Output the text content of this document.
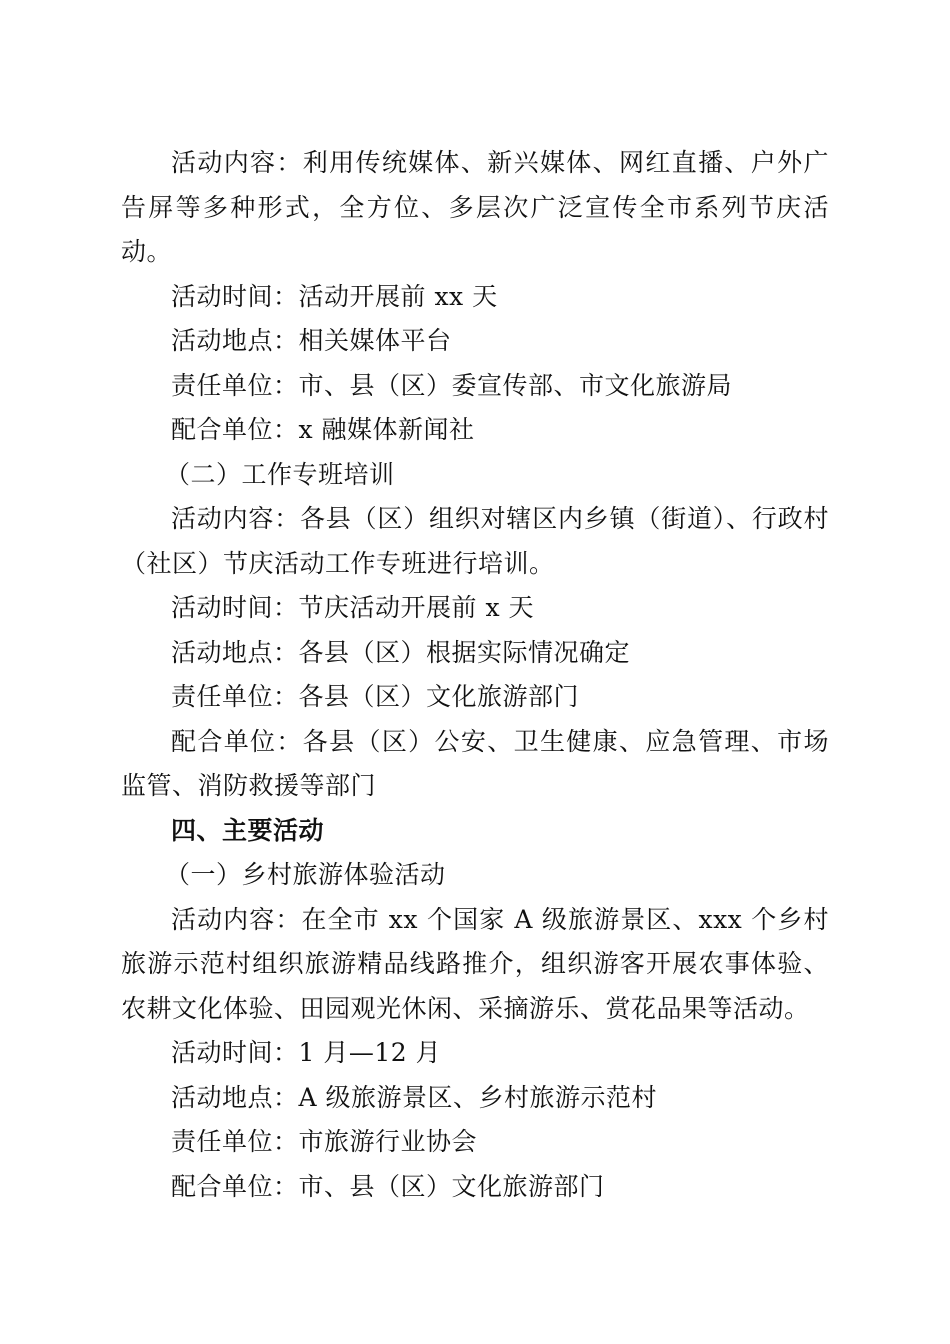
活动内容：利用传统媒体、新兴媒体、网红直播、户外广告屏等多种形式，全方位、多层次广泛宣传全市系列节庆活动。

活动时间：活动开展前 xx 天

活动地点：相关媒体平台

责任单位：市、县（区）委宣传部、市文化旅游局

配合单位：x 融媒体新闻社

（二）工作专班培训

活动内容：各县（区）组织对辖区内乡镇（街道）、行政村（社区）节庆活动工作专班进行培训。

活动时间：节庆活动开展前 x 天

活动地点：各县（区）根据实际情况确定

责任单位：各县（区）文化旅游部门

配合单位：各县（区）公安、卫生健康、应急管理、市场监管、消防救援等部门

四、主要活动

（一）乡村旅游体验活动

活动内容：在全市 xx 个国家 A 级旅游景区、xxx 个乡村旅游示范村组织旅游精品线路推介，组织游客开展农事体验、农耕文化体验、田园观光休闲、采摘游乐、赏花品果等活动。

活动时间：1 月—12 月

活动地点：A 级旅游景区、乡村旅游示范村

责任单位：市旅游行业协会

配合单位：市、县（区）文化旅游部门
